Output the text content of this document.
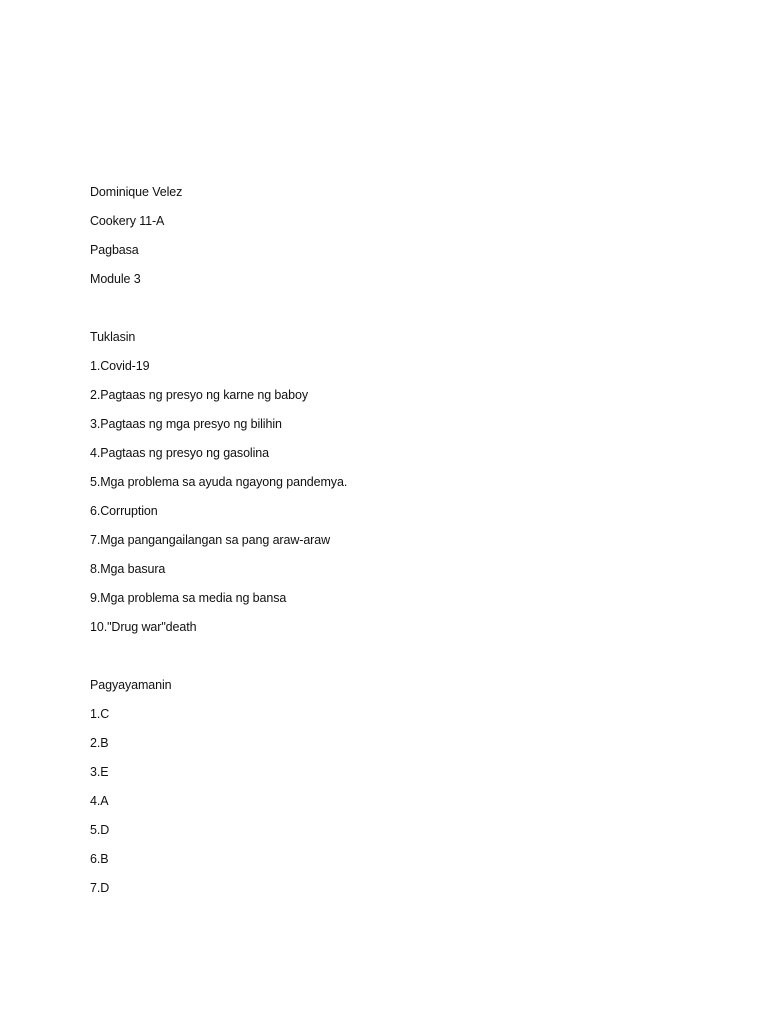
Dominique Velez
Cookery 11-A
Pagbasa
Module 3
Tuklasin
1.Covid-19
2.Pagtaas ng presyo ng karne ng baboy
3.Pagtaas ng mga presyo ng bilihin
4.Pagtaas ng presyo ng gasolina
5.Mga problema sa ayuda ngayong pandemya.
6.Corruption
7.Mga pangangailangan sa pang araw-araw
8.Mga basura
9.Mga problema sa media ng bansa
10."Drug war"death
Pagyayamanin
1.C
2.B
3.E
4.A
5.D
6.B
7.D
